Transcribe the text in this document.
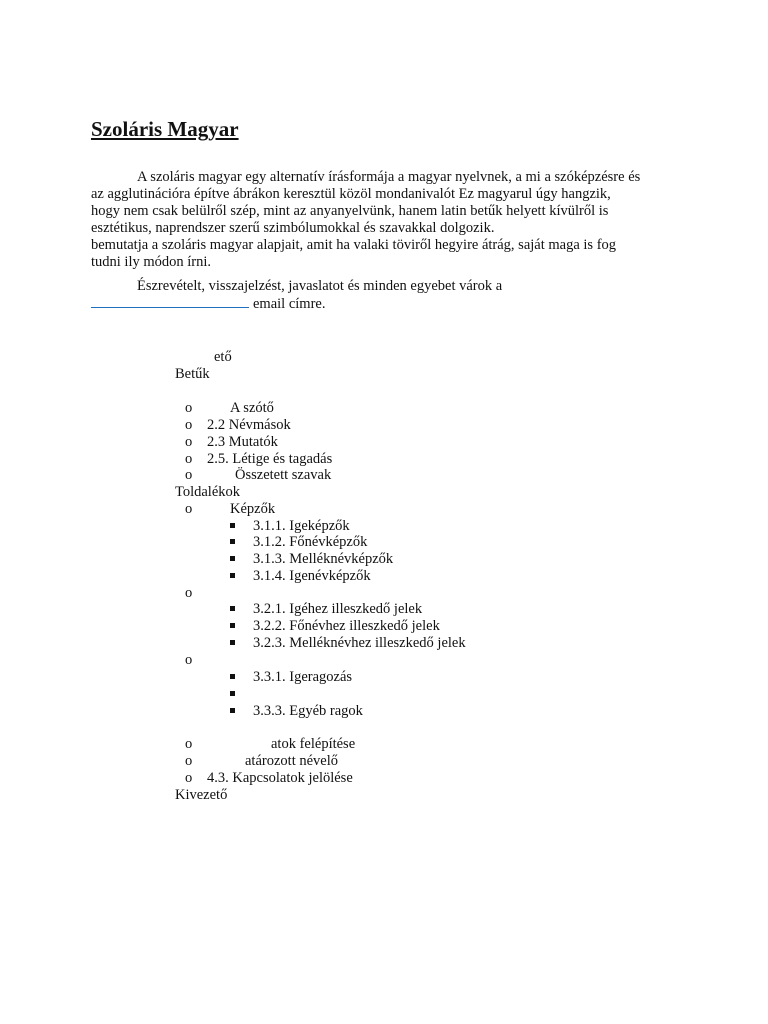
Szoláris Magyar
A szoláris magyar egy alternatív írásformája a magyar nyelvnek, a mi a szóképzésre és
az agglutinációra építve ábrákon keresztül közöl mondanivalót Ez magyarul úgy hangzik,
hogy nem csak belülről szép, mint az anyanyelvünk, hanem latin betűk helyett kívülről is
esztétikus, naprendszer szerű szimbólumokkal és szavakkal dolgozik.
bemutatja a szoláris magyar alapjait, amit ha valaki töviről hegyire átrág, saját maga is fog
tudni ily módon írni.
Észrevételt, visszajelzést, javaslatot és minden egyebet várok a
email címre.
ető
Betűk
o	A szótő
o 2.2 Névmások
o 2.3 Mutatók
o 2.5. Létige és tagadás
o	Összetett szavak
Toldalékok
o	Képzők
3.1.1. Igeképzők
3.1.2. Főnévképzők
3.1.3. Melléknévképzők
3.1.4. Igenévképzők
o
3.2.1. Igéhez illeszkedő jelek
3.2.2. Főnévhez illeszkedő jelek
3.2.3. Melléknévhez illeszkedő jelek
o
3.3.1. Igeragozás
3.3.3. Egyéb ragok
o	atok felépítése
o	atározott névelő
o 4.3. Kapcsolatok jelölése
Kivezető
